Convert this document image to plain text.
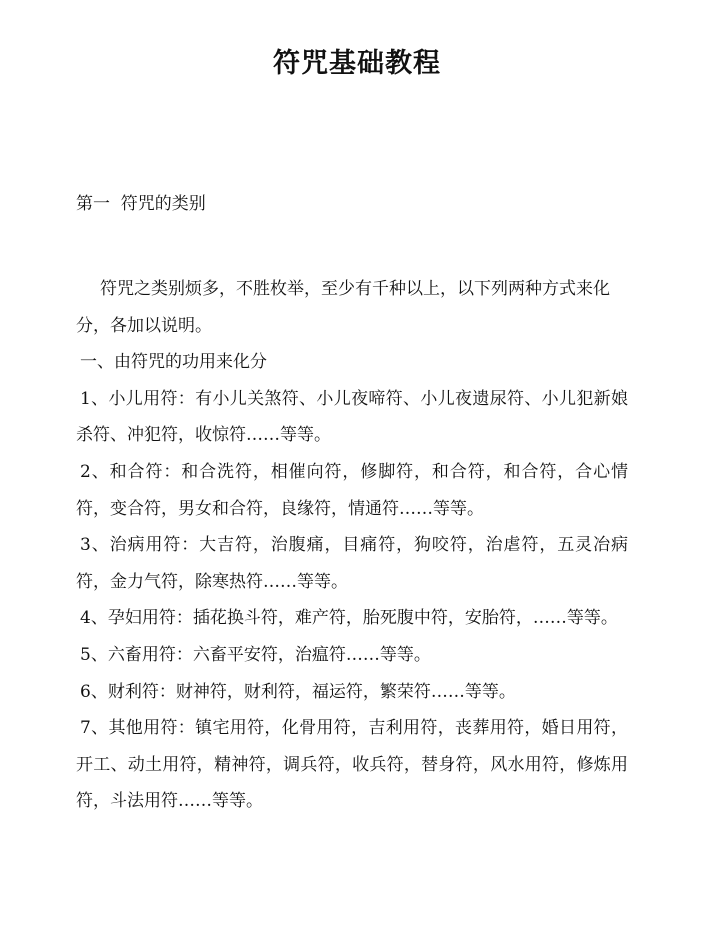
符咒基础教程
第一  符咒的类别

符咒之类别烦多，不胜枚举，至少有千种以上，以下列两种方式来化分，各加以说明。

一、由符咒的功用来化分

1、小儿用符：有小儿关煞符、小儿夜啼符、小儿夜遗尿符、小儿犯新娘杀符、冲犯符，收惊符……等等。

2、和合符：和合洗符，相催向符，修脚符，和合符，和合符，合心情符，变合符，男女和合符，良缘符，情通符……等等。

3、治病用符：大吉符，治腹痛，目痛符，狗咬符，治虐符，五灵冶病符，金力气符，除寒热符……等等。

4、孕妇用符：插花换斗符，难产符，胎死腹中符，安胎符，……等等。

5、六畜用符：六畜平安符，治瘟符……等等。

6、财利符：财神符，财利符，福运符，繁荣符……等等。

7、其他用符：镇宅用符，化骨用符，吉利用符，丧葬用符，婚日用符，开工、动土用符，精神符，调兵符，收兵符，替身符，风水用符，修炼用符，斗法用符……等等。
